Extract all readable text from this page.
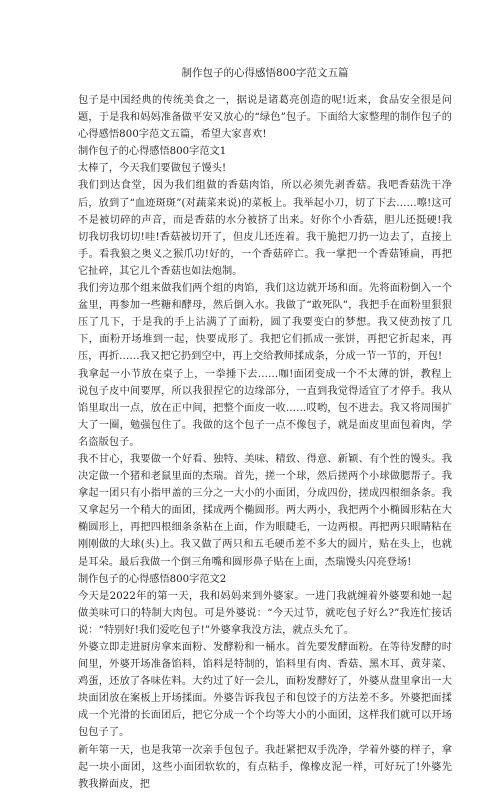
制作包子的心得感悟800字范文五篇

包子是中国经典的传统美食之一，据说是诸葛亮创造的呢!近来，食品安全很是问题，于是我和妈妈准备做平安又放心的“绿色”包子。下面给大家整理的制作包子的心得感悟800字范文五篇，希望大家喜欢!

制作包子的心得感悟800字范文1

太棒了，今天我们要做包子馒头!

我们到达食堂，因为我们组做的香菇肉馅，所以必须先剥香菇。我吧香菇洗干净后，放到了“血迹斑斑”(对蔬菜来说)的菜板上。我举起小刀，切了下去……嚓!这可不是被切碎的声音，而是香菇的水分被挤了出来。好你个小香菇，胆儿还挺硬!我切我切我切切!哇!香菇被切开了，但皮儿还连着。我干脆把刀扔一边去了，直接上手。看我狼之奥义之猴爪功!好的，一个香菇碎亡。我一掌把一个香菇锤扁，再把它扯碎，其它儿个香菇也如法炮制。

我们旁边那个组来做我们两个组的肉馅，我们这边就开场和面。先将面粉倒入一个盆里，再参加一些糖和酵母，然后倒入水。我做了“敢死队”，我把手在面粉里狠狠压了几下，于是我的手上沾满了了面粉，圆了我要变白的梦想。我又使劲按了几下，面粉开场堆到一起，快要成形了。我把它们抓成一张饼，再把它折起来，再压，再折……我又把它扔到空中，再上交给教师揉成条，分成一节一节的，开包!

我拿起一小节放在桌子上，一拳捶下去……咖!面团变成一个不太薄的饼，教程上说包子皮中间要厚，所以我狠捏它的边缘部分，一直到我觉得适宜了才停手。我从馅里取出一点，放在正中间，把整个面皮一收……哎哟，包不进去。我又将周围扩大了一圈，勉强包住了。我做的这个包子一点不像包子，就是面皮里面包着肉，学名盗版包子。

我不甘心，我要做一个好看、独特、美味、精致、得意、新颖、有个性的馒头。我决定做一个猪和老鼠里面的杰瑞。首先，搓一个球，然后搓两个小球做腮帮子。我拿起一团只有小指甲盖的三分之一大小的小面团，分成四份，搓成四根细条条。我又拿起另一个稍大的面团，揉成两个椭圆形。两大两小，我把两个小椭圆形粘在大椭圆形上，再把四根细条条粘在上面，作为眼睫毛，一边两根。再把两只眼睛粘在刚刚做的大球(头)上。我又做了两只和五毛硬币差不多大的圆片，贴在头上，也就是耳朵。最后我做一个倒三角嘴和圆形鼻子贴在上面，杰瑞馒头闪亮登场!

制作包子的心得感悟800字范文2

今天是2022年的第一天，我和妈妈来到外婆家。一进门我就缠着外婆要和她一起做美味可口的特制大肉包。可是外婆说：“今天过节，就吃包子好么?”我连忙接话说：“特别好!我们爱吃包子!”外婆拿我没方法，就点头允了。

外婆立即走进厨房拿来面粉、发酵粉和一桶水。首先要发酵面粉。在等待发酵的时间里，外婆开场准备馅料，馅料是特制的，馅料里有肉、香菇、黑木耳、黄芽菜、鸡蛋，还放了各味佐料。大约过了好一会儿，面粉发酵好了，外婆从盘里拿出一大块面团放在案板上开场揉面。外婆告诉我包子和包饺子的方法差不多。外婆把面揉成一个光滑的长面团后，把它分成一个个均等大小的小面团，这样我们就可以开场包包子了。

新年第一天，也是我第一次亲手包包子。我赶紧把双手洗净，学着外婆的样子，拿起一块小面团，这些小面团软软的，有点粘手，像橡皮泥一样，可好玩了!外婆先教我擀面皮，把
